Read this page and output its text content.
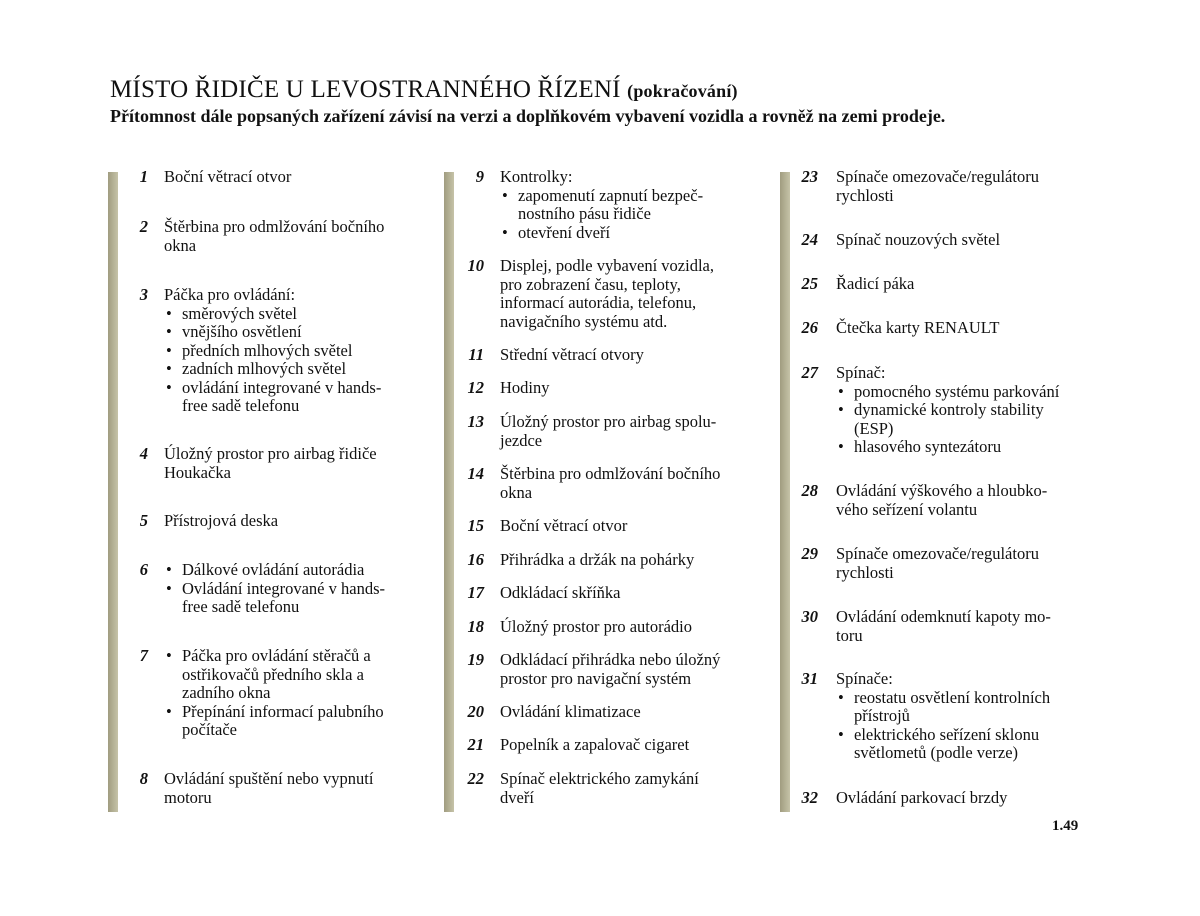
MÍSTO ŘIDIČE U LEVOSTRANNÉHO ŘÍZENÍ (pokračování)
Přítomnost dále popsaných zařízení závisí na verzi a doplňkovém vybavení vozidla a rovněž na zemi prodeje.
1 Boční větrací otvor
2 Štěrbina pro odmlžování bočního
okna
3 Páčka pro ovládání:
• směrových světel
• vnějšího osvětlení
• předních mlhových světel
• zadních mlhových světel
• ovládání integrované v hands-
free sadě telefonu
4 Úložný prostor pro airbag řidiče
Houkačka
5 Přístrojová deska
6	• Dálkové ovládání autorádia
• Ovládání integrované v hands-
free sadě telefonu
7	• Páčka pro ovládání stěračů a
ostřikovačů předního skla a
zadního okna
• Přepínání informací palubního
počítače
8 Ovládání spuštění nebo vypnutí
motoru
9 Kontrolky:
• zapomenutí zapnutí bezpeč-
nostního pásu řidiče
• otevření dveří
10 Displej, podle vybavení vozidla,
pro zobrazení času, teploty,
informací autorádia, telefonu,
navigačního systému atd.
11 Střední větrací otvory
12 Hodiny
13 Úložný prostor pro airbag spolu-
jezdce
14 Štěrbina pro odmlžování bočního
okna
15 Boční větrací otvor
16 Přihrádka a držák na pohárky
17 Odkládací skříňka
18 Úložný prostor pro autorádio
19 Odkládací přihrádka nebo úložný
prostor pro navigační systém
20 Ovládání klimatizace
21 Popelník a zapalovač cigaret
22 Spínač elektrického zamykání
dveří
23 Spínače omezovače/regulátoru
rychlosti
24 Spínač nouzových světel
25 Řadicí páka
26 Čtečka karty RENAULT
27 Spínač:
• pomocného systému parkování
• dynamické kontroly stability
(ESP)
• hlasového syntezátoru
28 Ovládání výškového a hloubko-
vého seřízení volantu
29 Spínače omezovače/regulátoru
rychlosti
30 Ovládání odemknutí kapoty mo-
toru
31 Spínače:
• reostatu osvětlení kontrolních
přístrojů
• elektrického seřízení sklonu
světlometů (podle verze)
32 Ovládání parkovací brzdy
1.49
